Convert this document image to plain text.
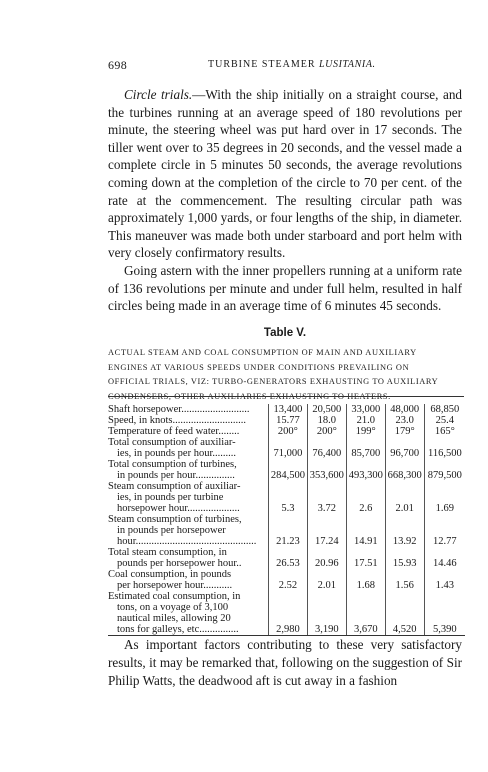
698	TURBINE STEAMER LUSITANIA.

Circle trials.—With the ship initially on a straight course, and the turbines running at an average speed of 180 revolutions per minute, the steering wheel was put hard over in 17 seconds. The tiller went over to 35 degrees in 20 seconds, and the vessel made a complete circle in 5 minutes 50 seconds, the average revolutions coming down at the completion of the circle to 70 per cent. of the rate at the commencement. The resulting circular path was approximately 1,000 yards, or four lengths of the ship, in diameter. This maneuver was made both under starboard and port helm with very closely confirmatory results.

Going astern with the inner propellers running at a uniform rate of 136 revolutions per minute and under full helm, resulted in half circles being made in an average time of 6 minutes 45 seconds.

Table V.
ACTUAL STEAM AND COAL CONSUMPTION OF MAIN AND AUXILIARY
ENGINES AT VARIOUS SPEEDS UNDER CONDITIONS PREVAILING ON
OFFICIAL TRIALS, VIZ: TURBO-GENERATORS EXHAUSTING TO AUXILIARY
CONDENSERS, OTHER AUXILIARIES EXHAUSTING TO HEATERS.
Shaft horsepower..........................	13,400	20,500	33,000	48,000	68,850

Speed, in knots............................	15.77	18.0	21.0	23.0	25.4

Temperature of feed water........	200°	200°	199°	179°	165°

Total consumption of auxiliar-
ies, in pounds per hour.........	71,000	76,400	85,700	96,700	116,500

Total consumption of turbines,
in pounds per hour...............	284,500	353,600	493,300	668,300	879,500

Steam consumption of auxiliar-
ies, in pounds per turbine
horsepower hour....................	5.3	3.72	2.6	2.01	1.69

Steam consumption of turbines,
in pounds per horsepower
hour..............................................	21.23	17.24	14.91	13.92	12.77

Total steam consumption, in
pounds per horsepower hour..	26.53	20.96	17.51	15.93	14.46

Coal consumption, in pounds
per horsepower hour...........	2.52	2.01	1.68	1.56	1.43

Estimated coal consumption, in
tons, on a voyage of 3,100
nautical miles, allowing 20
tons for galleys, etc...............	2,980	3,190	3,670	4,520	5,390

As important factors contributing to these very satisfactory results, it may be remarked that, following on the suggestion of Sir Philip Watts, the deadwood aft is cut away in a fashion
